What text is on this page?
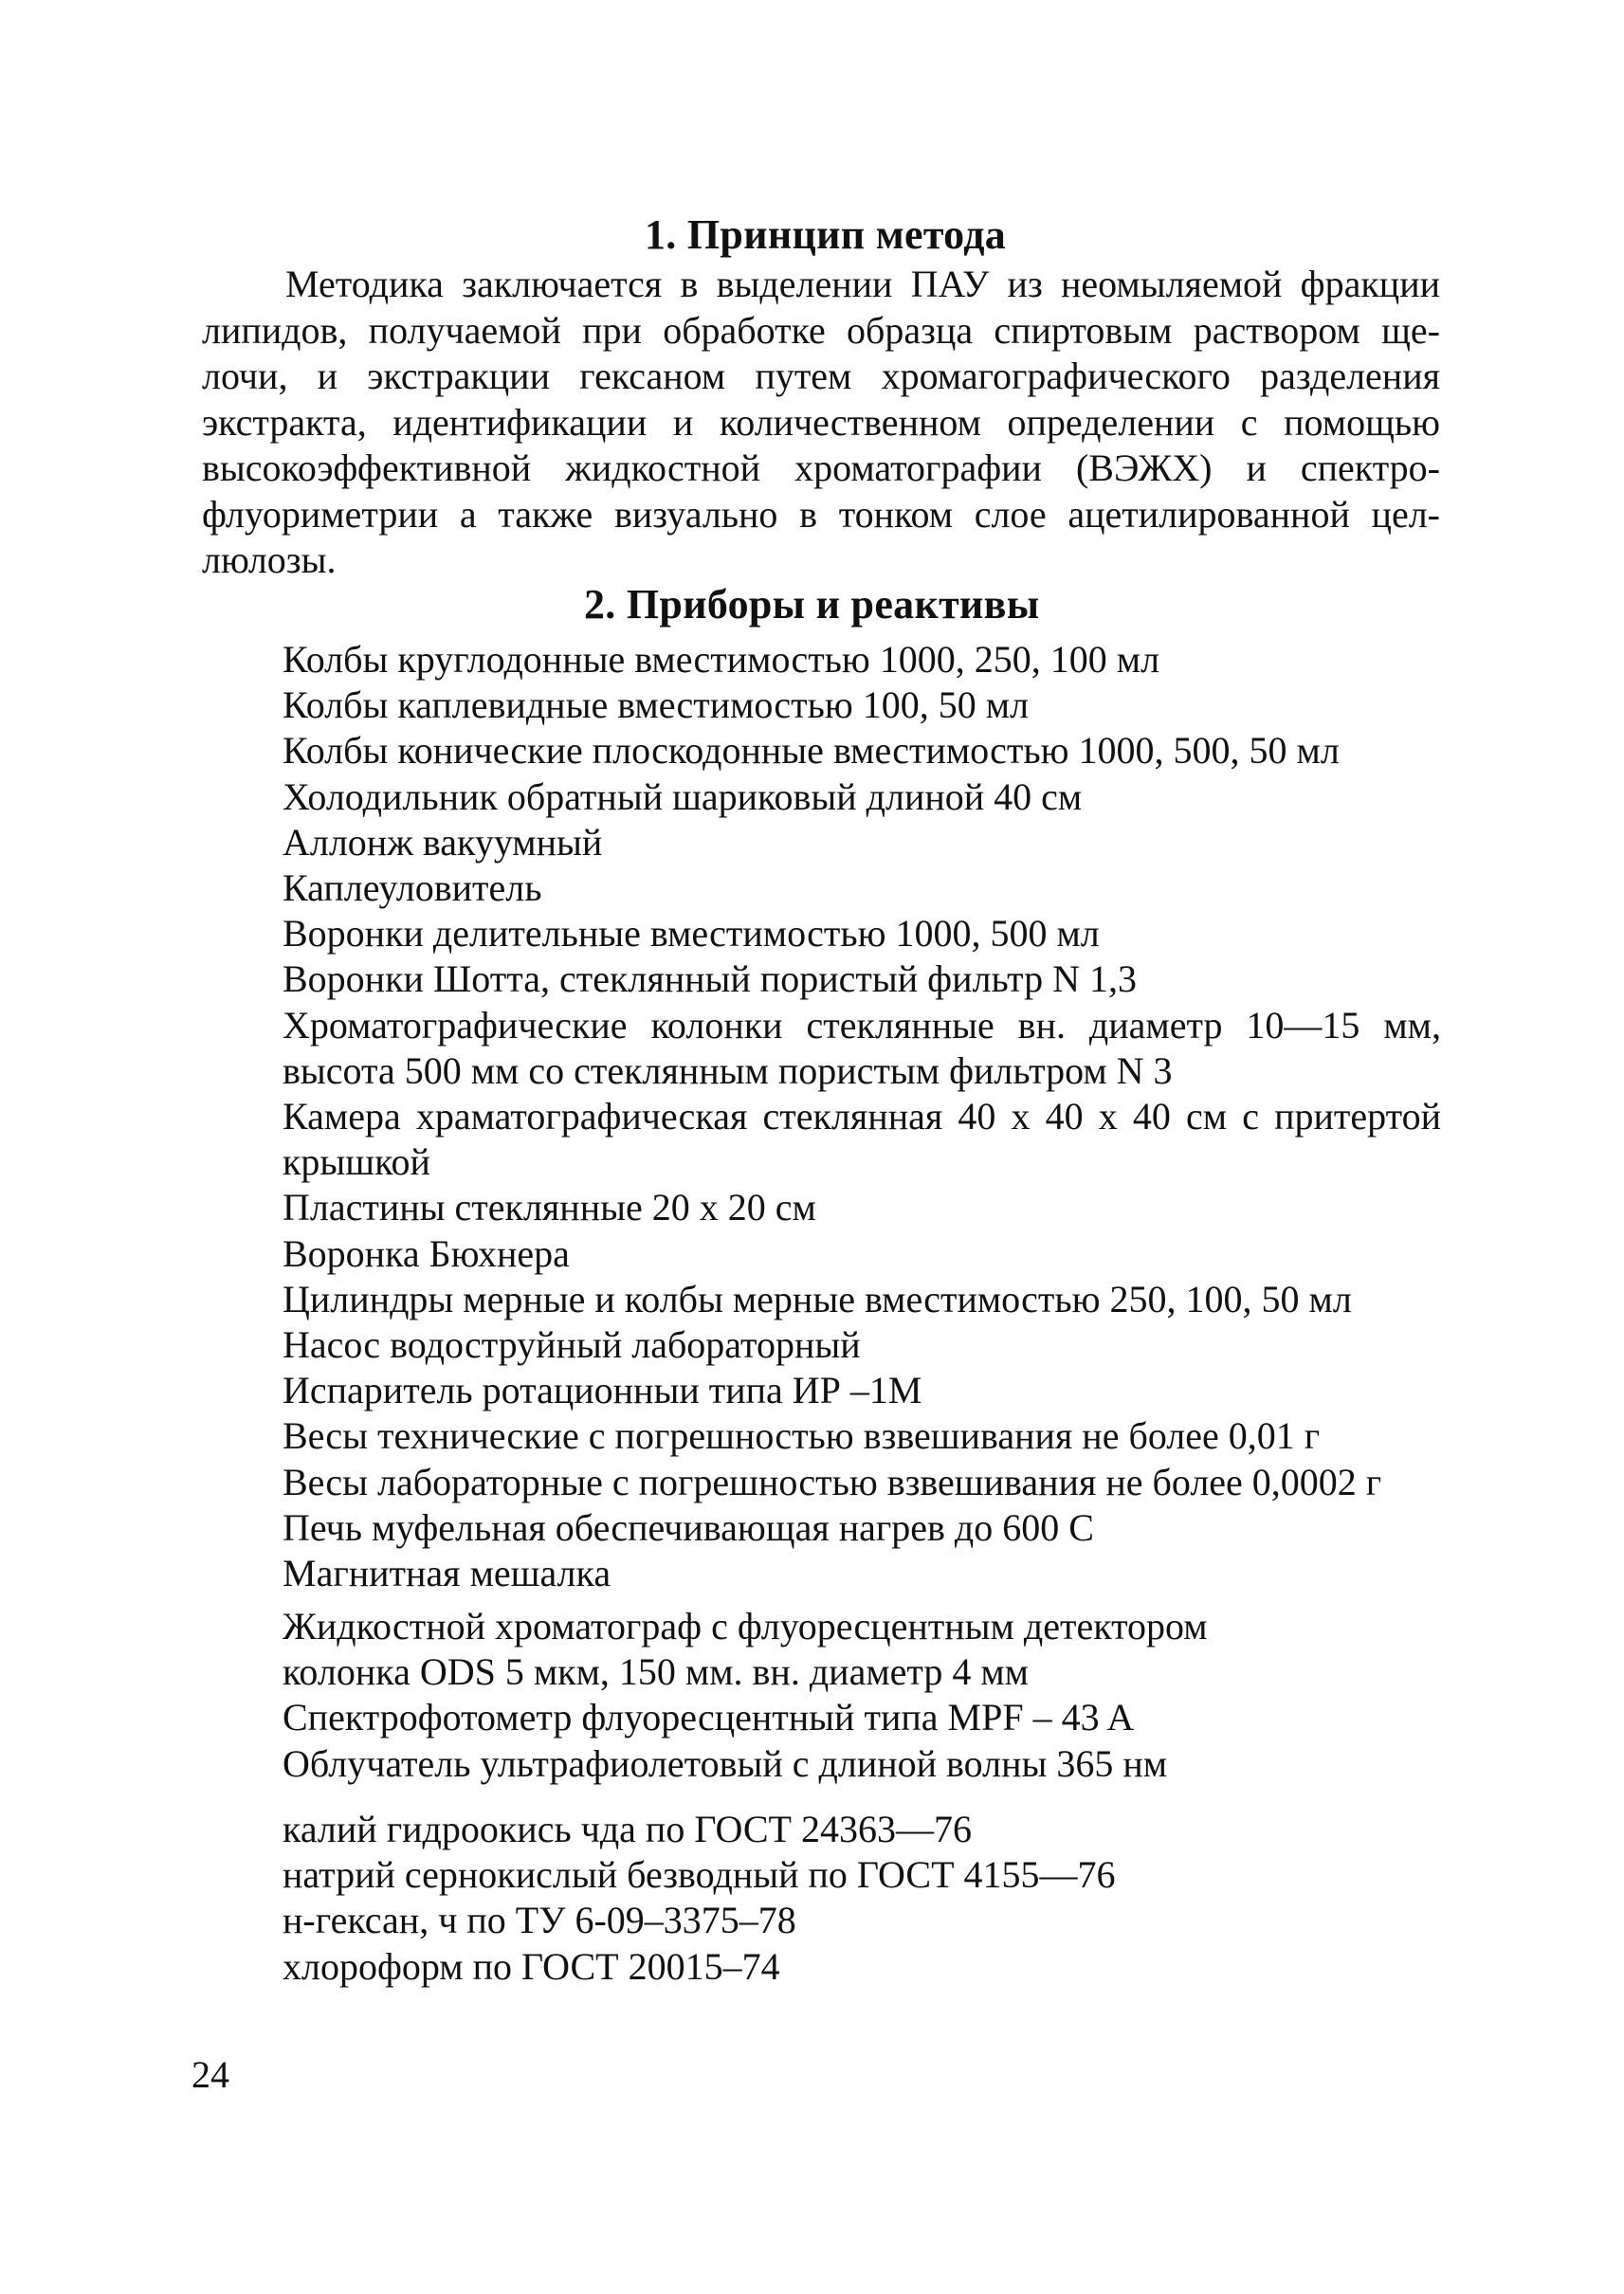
1. Принцип метода
Методика заключается в выделении ПАУ из неомыляемой фракции
липидов, получаемой при обработке образца спиртовым раствором ще-
лочи, и экстракции гексаном путем хромагографического разделения
экстракта, идентификации и количественном определении с помощью
высокоэффективной жидкостной хроматографии (ВЭЖХ) и спектро-
флуориметрии а также визуально в тонком слое ацетилированной цел-
люлозы.
2. Приборы и реактивы
Колбы круглодонные вместимостью 1000, 250, 100 мл
Колбы каплевидные вместимостью 100, 50 мл
Колбы конические плоскодонные вместимостью 1000, 500, 50 мл
Холодильник обратный шариковый длиной 40 см
Аллонж вакуумный
Каплеуловитель
Воронки делительные вместимостью 1000, 500 мл
Воронки Шотта, стеклянный пористый фильтр N 1,3
Хроматографические колонки стеклянные вн. диаметр 10—15 мм,
высота 500 мм со стеклянным пористым фильтром N 3
Камера храматографическая стеклянная 40 х 40 х 40 см с притертой
крышкой
Пластины стеклянные 20 х 20 см
Воронка Бюхнера
Цилиндры мерные и колбы мерные вместимостью 250, 100, 50 мл
Насос водоструйный лабораторный
Испаритель ротационныи типа ИР –1М
Весы технические с погрешностью взвешивания не более 0,01 г
Весы лабораторные с погрешностью взвешивания не более 0,0002 г
Печь муфельная обеспечивающая нагрев до 600 С
Магнитная мешалка
Жидкостной хроматограф с флуоресцентным детектором
колонка ODS 5 мкм, 150 мм. вн. диаметр 4 мм
Спектрофотометр флуоресцентный типа MPF – 43 A
Облучатель ультрафиолетовый с длиной волны 365 нм
калий гидроокись чда по ГОСТ 24363—76
натрий сернокислый безводный по ГОСТ 4155—76
н-гексан, ч по ТУ 6-09–3375–78
хлороформ по ГОСТ 20015–74
24
